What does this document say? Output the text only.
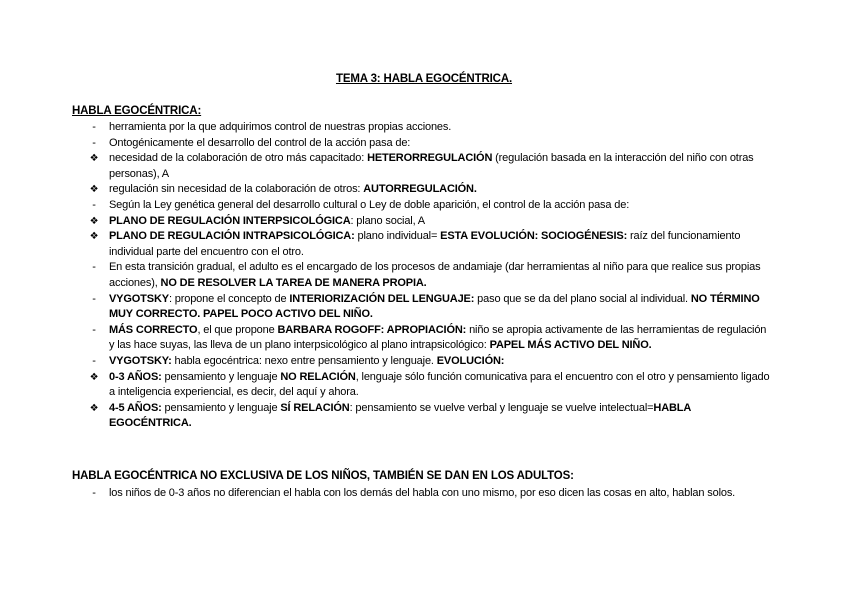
TEMA 3: HABLA EGOCÉNTRICA.
HABLA EGOCÉNTRICA:
-	herramienta por la que adquirimos control de nuestras propias acciones.
-	Ontogénicamente el desarrollo del control de la acción pasa de:
❖ necesidad de la colaboración de otro más capacitado: HETERORREGULACIÓN (regulación basada en la interacción del niño con otras personas), A
❖ regulación sin necesidad de la colaboración de otros: AUTORREGULACIÓN.
-	Según la Ley genética general del desarrollo cultural o Ley de doble aparición, el control de la acción pasa de:
❖ PLANO DE REGULACIÓN INTERPSICOLÓGICA: plano social, A
❖ PLANO DE REGULACIÓN INTRAPSICOLÓGICA: plano individual= ESTA EVOLUCIÓN: SOCIOGÉNESIS: raíz del funcionamiento individual parte del encuentro con el otro.
-	En esta transición gradual, el adulto es el encargado de los procesos de andamiaje (dar herramientas al niño para que realice sus propias acciones), NO DE RESOLVER LA TAREA DE MANERA PROPIA.
-	VYGOTSKY: propone el concepto de INTERIORIZACIÓN DEL LENGUAJE: paso que se da del plano social al individual. NO TÉRMINO MUY CORRECTO. PAPEL POCO ACTIVO DEL NIÑO.
-	MÁS CORRECTO, el que propone BARBARA ROGOFF: APROPIACIÓN: niño se apropia activamente de las herramientas de regulación y las hace suyas, las lleva de un plano interpsicológico al plano intrapsicológico: PAPEL MÁS ACTIVO DEL NIÑO.
-	VYGOTSKY: habla egocéntrica: nexo entre pensamiento y lenguaje. EVOLUCIÓN:
❖ 0-3 AÑOS: pensamiento y lenguaje NO RELACIÓN, lenguaje sólo función comunicativa para el encuentro con el otro y pensamiento ligado a inteligencia experiencial, es decir, del aquí y ahora.
❖ 4-5 AÑOS: pensamiento y lenguaje SÍ RELACIÓN: pensamiento se vuelve verbal y lenguaje se vuelve intelectual=HABLA EGOCÉNTRICA.
HABLA EGOCÉNTRICA NO EXCLUSIVA DE LOS NIÑOS, TAMBIÉN SE DAN EN LOS ADULTOS:
-	los niños de 0-3 años no diferencian el habla con los demás del habla con uno mismo, por eso dicen las cosas en alto, hablan solos.
